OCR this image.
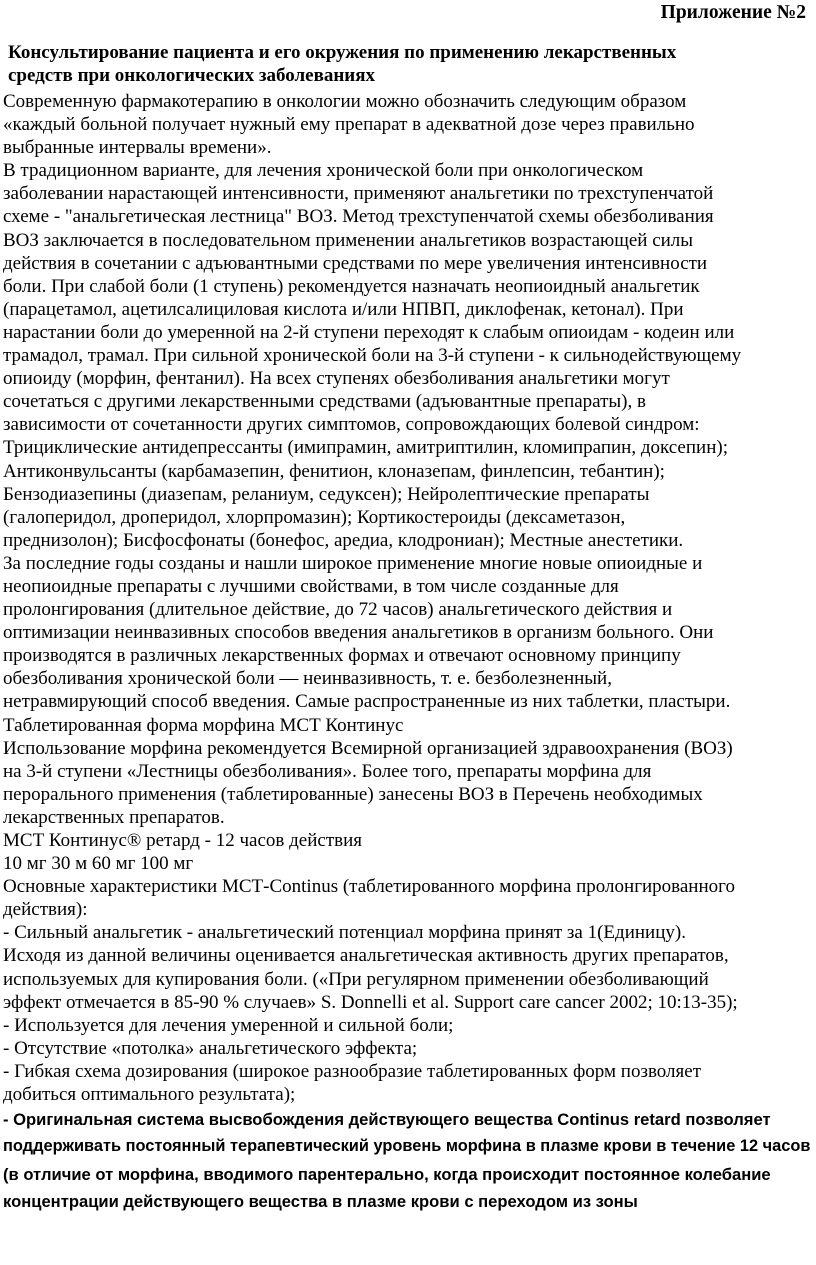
Приложение №2
Консультирование пациента и его окружения по применению лекарственных
средств при онкологических заболеваниях

Современную фармакотерапию в онкологии можно обозначить следующим образом

«каждый больной получает нужный ему препарат в адекватной дозе через правильно

выбранные интервалы времени».

В традиционном варианте, для лечения хронической боли при онкологическом

заболевании нарастающей интенсивности, применяют анальгетики по трехступенчатой

схеме - "анальгетическая лестница" ВОЗ. Метод трехступенчатой схемы обезболивания

ВОЗ заключается в последовательном применении анальгетиков возрастающей силы

действия в сочетании с адъювантными средствами по мере увеличения интенсивности

боли. При слабой боли (1 ступень) рекомендуется назначать неопиоидный анальгетик

(парацетамол, ацетилсалициловая кислота и/или НПВП, диклофенак, кетонал). При

нарастании боли до умеренной на 2-й ступени переходят к слабым опиоидам - кодеин или

трамадол, трамал. При сильной хронической боли на 3-й ступени - к сильнодействующему

опиоиду (морфин, фентанил). На всех ступенях обезболивания анальгетики могут

сочетаться с другими лекарственными средствами (адъювантные препараты), в

зависимости от сочетанности других симптомов, сопровождающих болевой синдром:

Трициклические антидепрессанты (имипрамин, амитриптилин, кломипрапин, доксепин);

Антиконвульсанты (карбамазепин, фенитион, клоназепам, финлепсин, тебантин);

Бензодиазепины (диазепам, реланиум, седуксен); Нейролептические препараты

(галоперидол, дроперидол, хлорпромазин); Кортикостероиды (дексаметазон,

преднизолон); Бисфосфонаты (бонефос, аредиа, клодрониан); Местные анестетики.

За последние годы созданы и нашли широкое применение многие новые опиоидные и

неопиоидные препараты с лучшими свойствами, в том числе созданные для

пролонгирования (длительное действие, до 72 часов) анальгетического действия и

оптимизации неинвазивных способов введения анальгетиков в организм больного. Они

производятся в различных лекарственных формах и отвечают основному принципу

обезболивания хронической боли — неинвазивность, т. е. безболезненный,

нетравмирующий способ введения. Самые распространенные из них таблетки, пластыри.

Таблетированная форма морфина МСТ Континус

Использование морфина рекомендуется Всемирной организацией здравоохранения (ВОЗ)

на 3-й ступени «Лестницы обезболивания». Более того, препараты морфина для

перорального применения (таблетированные) занесены ВОЗ в Перечень необходимых

лекарственных препаратов.

МСТ Континус® ретард - 12 часов действия

10 мг 30 м 60 мг 100 мг

Основные характеристики МСТ-Continus (таблетированного морфина пролонгированного

действия):

- Сильный анальгетик - анальгетический потенциал морфина принят за 1(Единицу).

Исходя из данной величины оценивается анальгетическая активность других препаратов,

используемых для купирования боли. («При регулярном применении обезболивающий

эффект отмечается в 85-90 % случаев» S. Donnelli et al. Support care cancer 2002; 10:13-35);

- Используется для лечения умеренной и сильной боли;

- Отсутствие «потолка» анальгетического эффекта;

- Гибкая схема дозирования (широкое разнообразие таблетированных форм позволяет

добиться оптимального результата);

- Оригинальная система высвобождения действующего вещества Continus retard позволяет

поддерживать постоянный терапевтический уровень морфина в плазме крови в течение 12 часов

(в отличие от морфина, вводимого парентерально, когда происходит постоянное колебание

концентрации действующего вещества в плазме крови с переходом из зоны
